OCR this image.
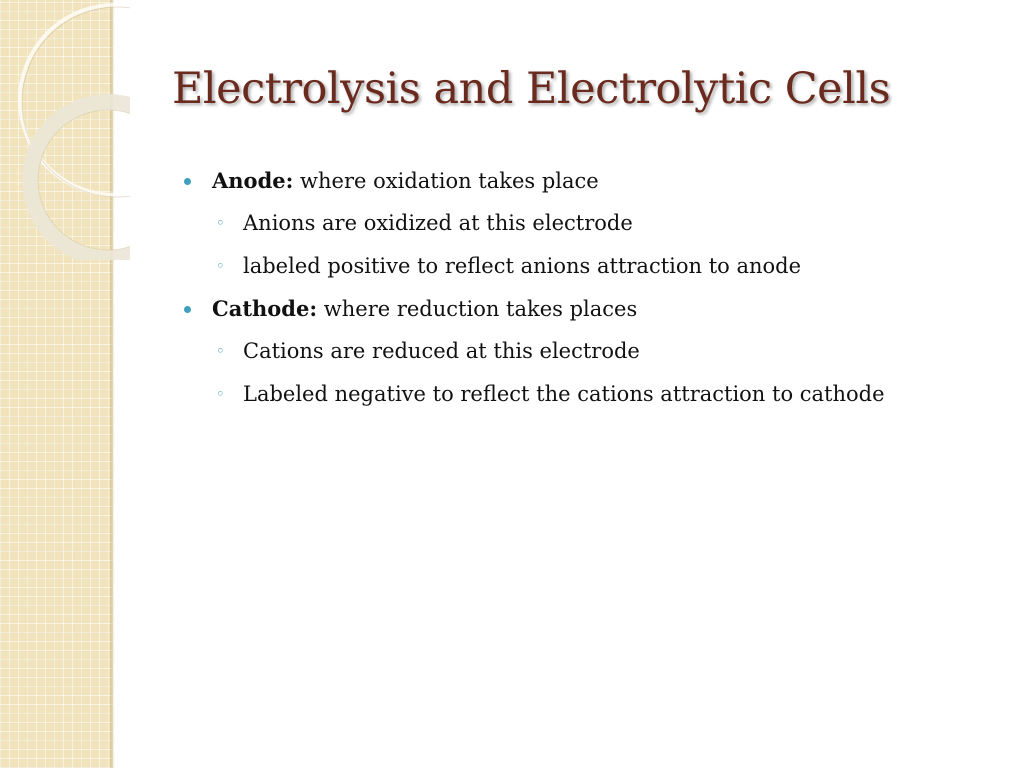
Electrolysis and Electrolytic Cells
Anode: where oxidation takes place
◦ Anions are oxidized at this electrode
◦ labeled positive to reflect anions attraction to anode
Cathode: where reduction takes places
◦ Cations are reduced at this electrode
◦ Labeled negative to reflect the cations attraction to cathode
